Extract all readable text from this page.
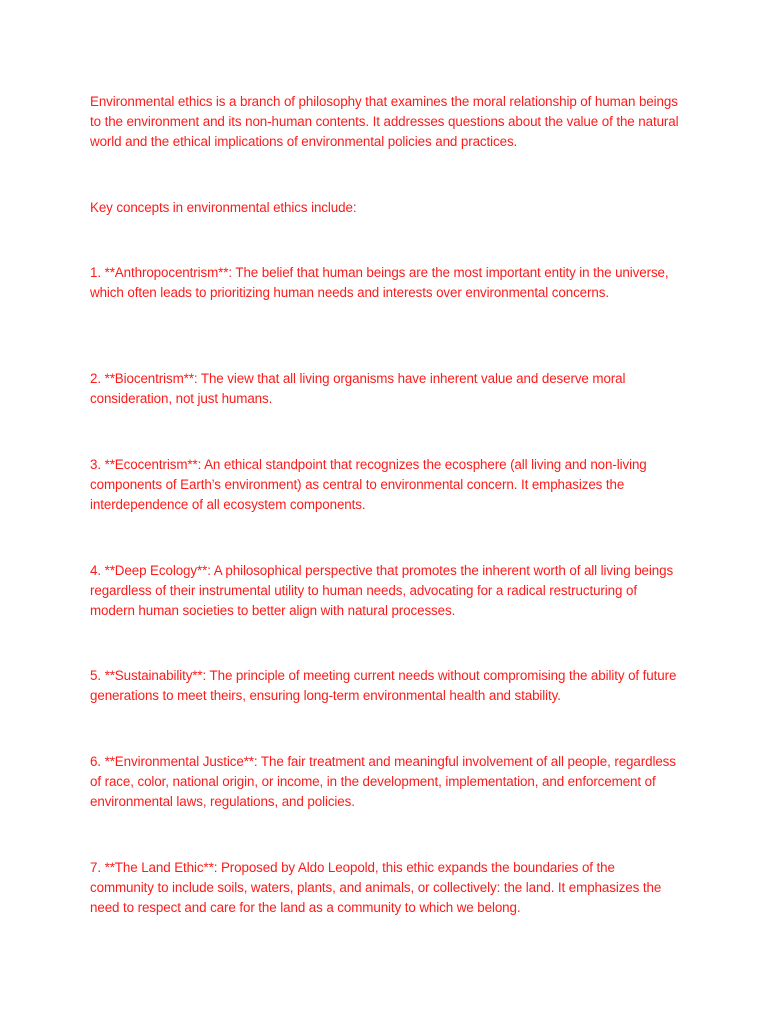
Environmental ethics is a branch of philosophy that examines the moral relationship of human beings to the environment and its non-human contents. It addresses questions about the value of the natural world and the ethical implications of environmental policies and practices.

Key concepts in environmental ethics include:

1. **Anthropocentrism**: The belief that human beings are the most important entity in the universe, which often leads to prioritizing human needs and interests over environmental concerns.

2. **Biocentrism**: The view that all living organisms have inherent value and deserve moral consideration, not just humans.

3. **Ecocentrism**: An ethical standpoint that recognizes the ecosphere (all living and non-living components of Earth’s environment) as central to environmental concern. It emphasizes the interdependence of all ecosystem components.

4. **Deep Ecology**: A philosophical perspective that promotes the inherent worth of all living beings regardless of their instrumental utility to human needs, advocating for a radical restructuring of modern human societies to better align with natural processes.

5. **Sustainability**: The principle of meeting current needs without compromising the ability of future generations to meet theirs, ensuring long-term environmental health and stability.

6. **Environmental Justice**: The fair treatment and meaningful involvement of all people, regardless of race, color, national origin, or income, in the development, implementation, and enforcement of environmental laws, regulations, and policies.

7. **The Land Ethic**: Proposed by Aldo Leopold, this ethic expands the boundaries of the community to include soils, waters, plants, and animals, or collectively: the land. It emphasizes the need to respect and care for the land as a community to which we belong.
